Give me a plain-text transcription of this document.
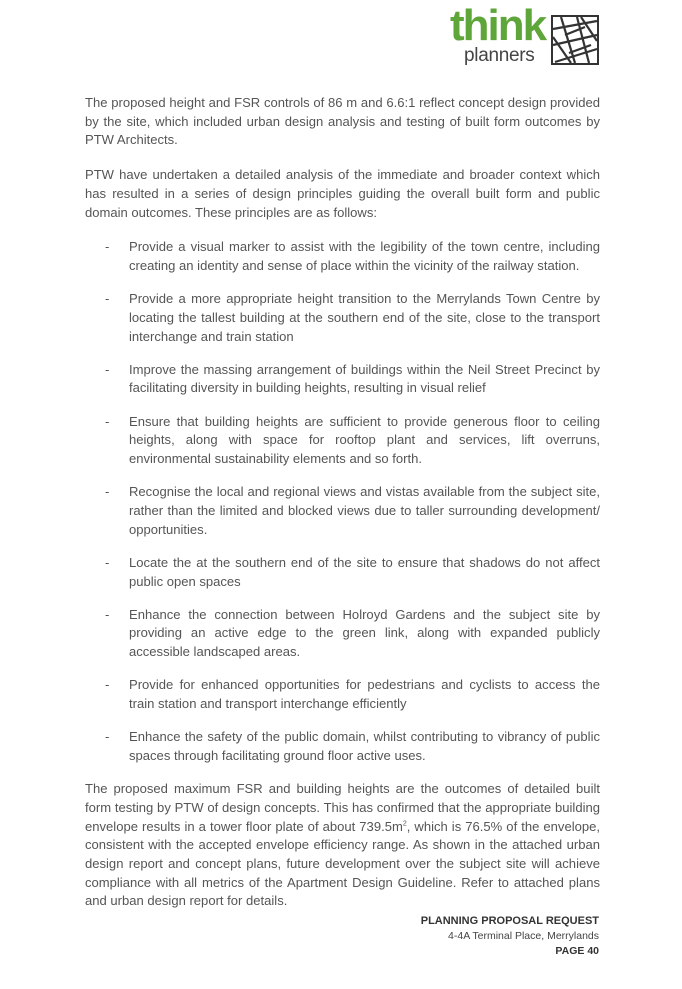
think
planners

The proposed height and FSR controls of 86 m and 6.6:1 reflect concept design provided by the site, which included urban design analysis and testing of built form outcomes by PTW Architects.

PTW have undertaken a detailed analysis of the immediate and broader context which has resulted in a series of design principles guiding the overall built form and public domain outcomes. These principles are as follows:

- Provide a visual marker to assist with the legibility of the town centre, including creating an identity and sense of place within the vicinity of the railway station.
- Provide a more appropriate height transition to the Merrylands Town Centre by locating the tallest building at the southern end of the site, close to the transport interchange and train station
- Improve the massing arrangement of buildings within the Neil Street Precinct by facilitating diversity in building heights, resulting in visual relief
- Ensure that building heights are sufficient to provide generous floor to ceiling heights, along with space for rooftop plant and services, lift overruns, environmental sustainability elements and so forth.
- Recognise the local and regional views and vistas available from the subject site, rather than the limited and blocked views due to taller surrounding development/ opportunities.
- Locate the at the southern end of the site to ensure that shadows do not affect public open spaces
- Enhance the connection between Holroyd Gardens and the subject site by providing an active edge to the green link, along with expanded publicly accessible landscaped areas.
- Provide for enhanced opportunities for pedestrians and cyclists to access the train station and transport interchange efficiently
- Enhance the safety of the public domain, whilst contributing to vibrancy of public spaces through facilitating ground floor active uses.

The proposed maximum FSR and building heights are the outcomes of detailed built form testing by PTW of design concepts. This has confirmed that the appropriate building envelope results in a tower floor plate of about $739.5m^2$, which is 76.5% of the envelope, consistent with the accepted envelope efficiency range. As shown in the attached urban design report and concept plans, future development over the subject site will achieve compliance with all metrics of the Apartment Design Guideline. Refer to attached plans and urban design report for details.

PLANNING PROPOSAL REQUEST
4-4A Terminal Place, Merrylands
PAGE 40
